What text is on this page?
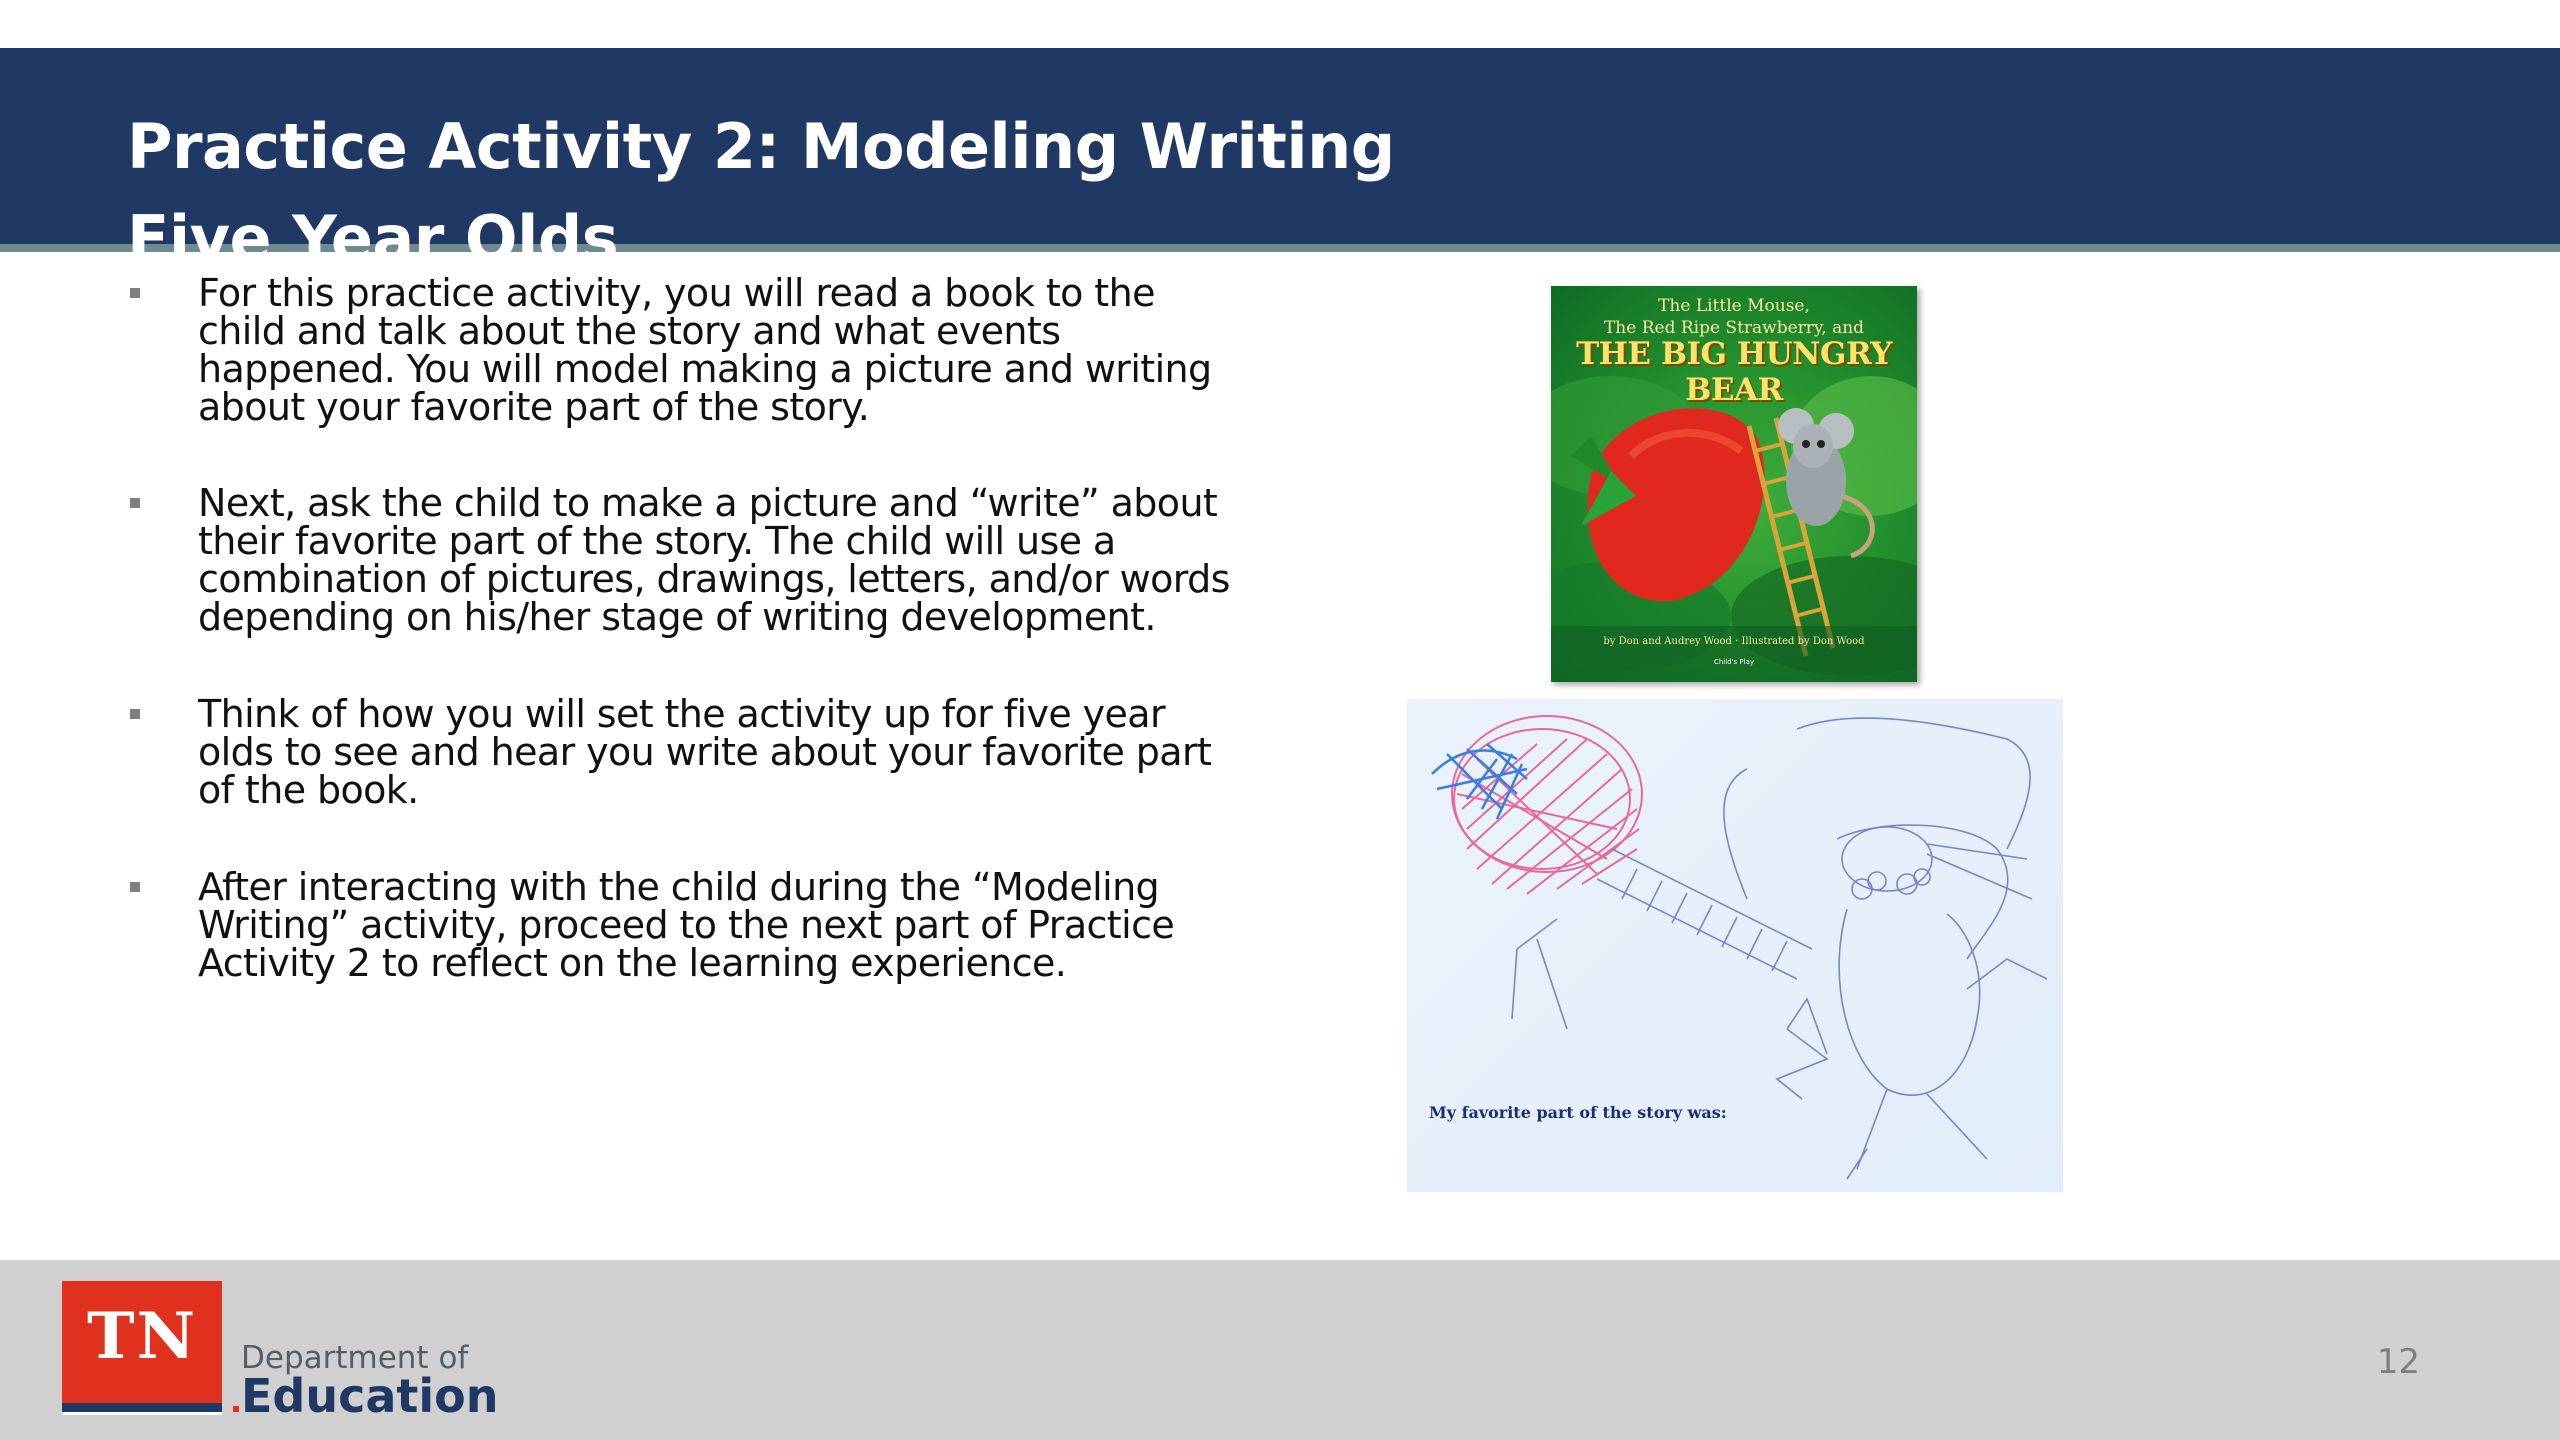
Practice Activity 2: Modeling Writing
Five Year Olds
For this practice activity, you will read a book to the
child and talk about the story and what events
happened. You will model making a picture and writing
about your favorite part of the story.
Next, ask the child to make a picture and “write” about
their favorite part of the story. The child will use a
combination of pictures, drawings, letters, and/or words
depending on his/her stage of writing development.
Think of how you will set the activity up for five year
olds to see and hear you write about your favorite part
of the book.
After interacting with the child during the “Modeling
Writing” activity, proceed to the next part of Practice
Activity 2 to reflect on the learning experience.
The Little Mouse,
The Red Ripe Strawberry, and
THE BIG HUNGRY BEAR
by Don and Audrey Wood · Illustrated by Don Wood
Child's Play
My favorite part of the story was:
TN	Department of
Education
12
